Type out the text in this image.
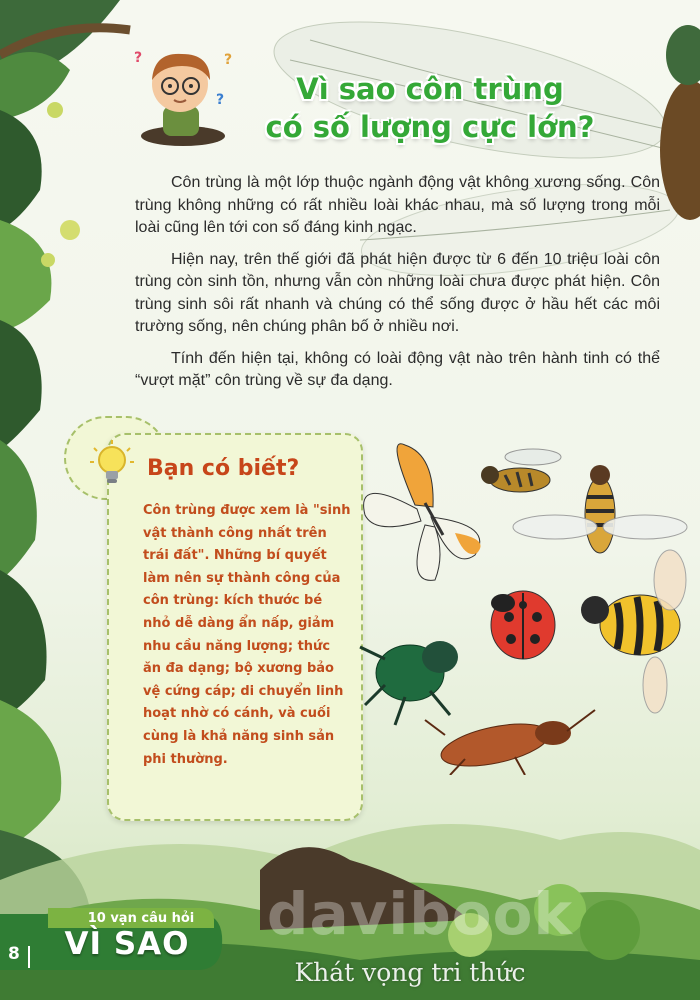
?	?
?	Vì sao côn trùng
có số lượng cực lớn?

Côn trùng là một lớp thuộc ngành động vật không xương sống. Côn trùng không những có rất nhiều loài khác nhau, mà số lượng trong mỗi loài cũng lên tới con số đáng kinh ngạc.

Hiện nay, trên thế giới đã phát hiện được từ 6 đến 10 triệu loài côn trùng còn sinh tồn, nhưng vẫn còn những loài chưa được phát hiện. Côn trùng sinh sôi rất nhanh và chúng có thể sống được ở hầu hết các môi trường sống, nên chúng phân bố ở nhiều nơi.

Tính đến hiện tại, không có loài động vật nào trên hành tinh có thể “vượt mặt” côn trùng về sự đa dạng.

Bạn có biết?
Côn trùng được xem là "sinh vật thành công nhất trên trái đất". Những bí quyết làm nên sự thành công của côn trùng: kích thước bé nhỏ dễ dàng ẩn nấp, giảm nhu cầu năng lượng; thức ăn đa dạng; bộ xương bảo vệ cứng cáp; di chuyển linh hoạt nhờ có cánh, và cuối cùng là khả năng sinh sản phi thường.
8
10 vạn câu hỏi
VÌ SAO	davibook
Khát vọng tri thức
